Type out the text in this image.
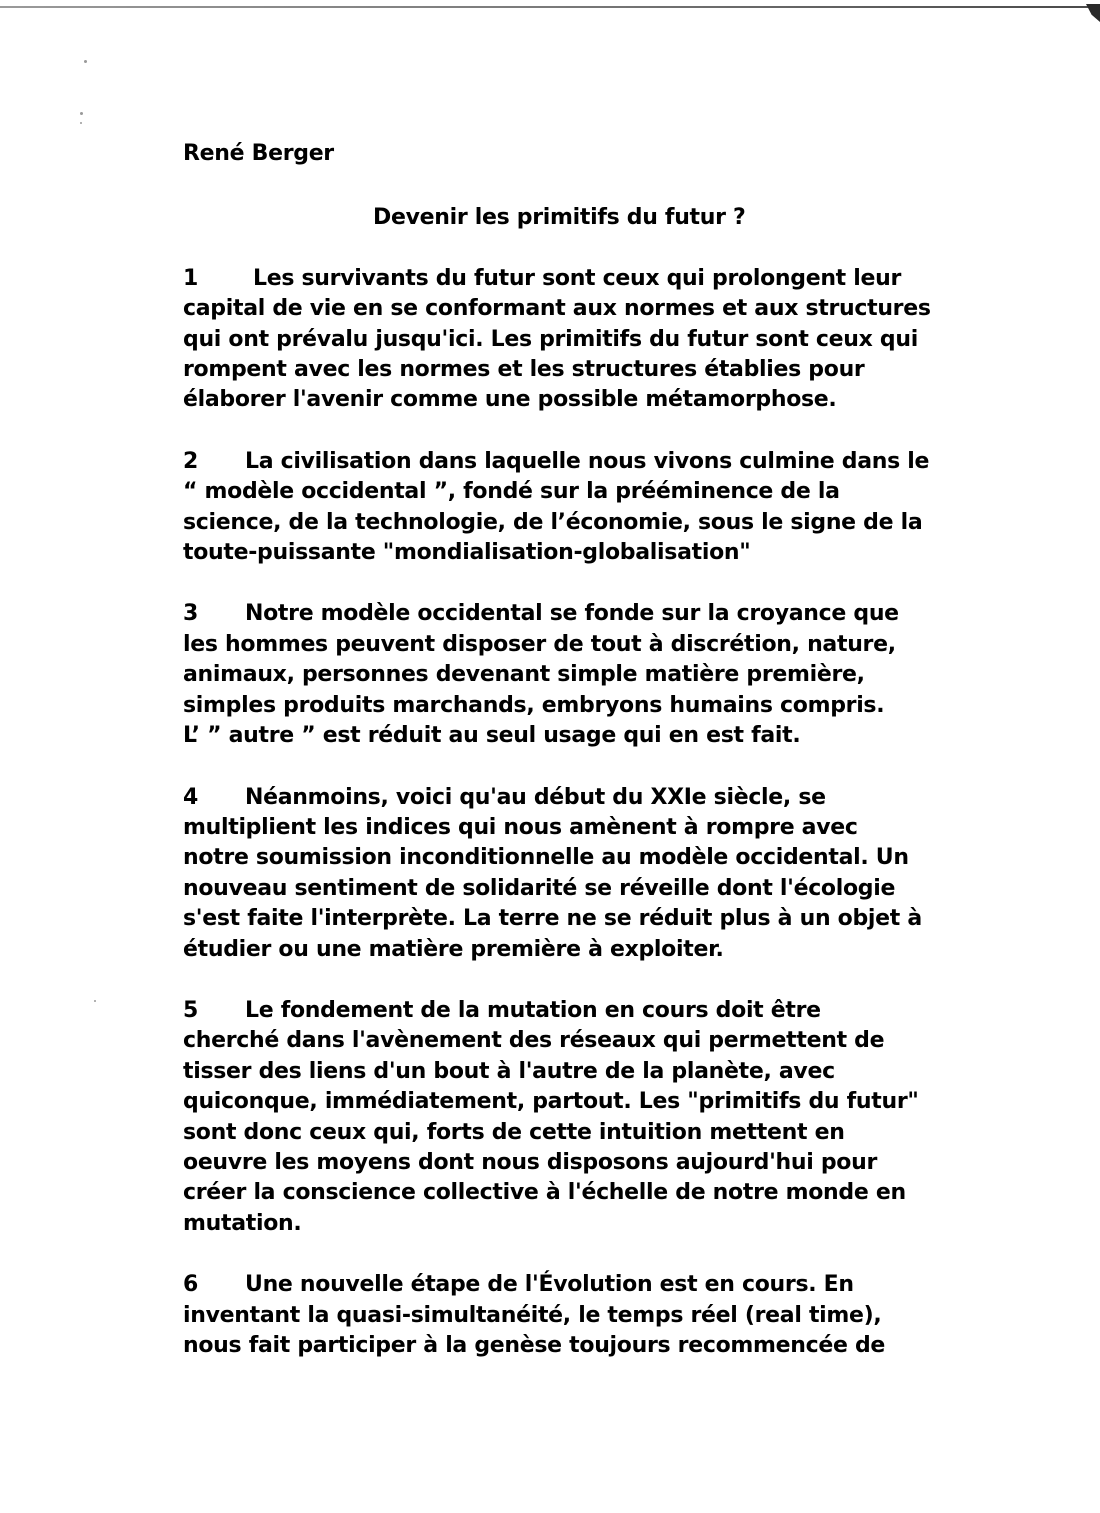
René Berger
Devenir les primitifs du futur ?
1 Les survivants du futur sont ceux qui prolongent leur
capital de vie en se conformant aux normes et aux structures
qui ont prévalu jusqu'ici. Les primitifs du futur sont ceux qui
rompent avec les normes et les structures établies pour
élaborer l'avenir comme une possible métamorphose.
2 La civilisation dans laquelle nous vivons culmine dans le
“ modèle occidental ”, fondé sur la prééminence de la
science, de la technologie, de l’économie, sous le signe de la
toute-puissante "mondialisation-globalisation"
3 Notre modèle occidental se fonde sur la croyance que
les hommes peuvent disposer de tout à discrétion, nature,
animaux, personnes devenant simple matière première,
simples produits marchands, embryons humains compris.
L’ ” autre ” est réduit au seul usage qui en est fait.
4 Néanmoins, voici qu'au début du XXIe siècle, se
multiplient les indices qui nous amènent à rompre avec
notre soumission inconditionnelle au modèle occidental. Un
nouveau sentiment de solidarité se réveille dont l'écologie
s'est faite l'interprète. La terre ne se réduit plus à un objet à
étudier ou une matière première à exploiter.
5 Le fondement de la mutation en cours doit être
cherché dans l'avènement des réseaux qui permettent de
tisser des liens d'un bout à l'autre de la planète, avec
quiconque, immédiatement, partout. Les "primitifs du futur"
sont donc ceux qui, forts de cette intuition mettent en
oeuvre les moyens dont nous disposons aujourd'hui pour
créer la conscience collective à l'échelle de notre monde en
mutation.
6 Une nouvelle étape de l'Évolution est en cours. En
inventant la quasi-simultanéité, le temps réel (real time),
nous fait participer à la genèse toujours recommencée de
